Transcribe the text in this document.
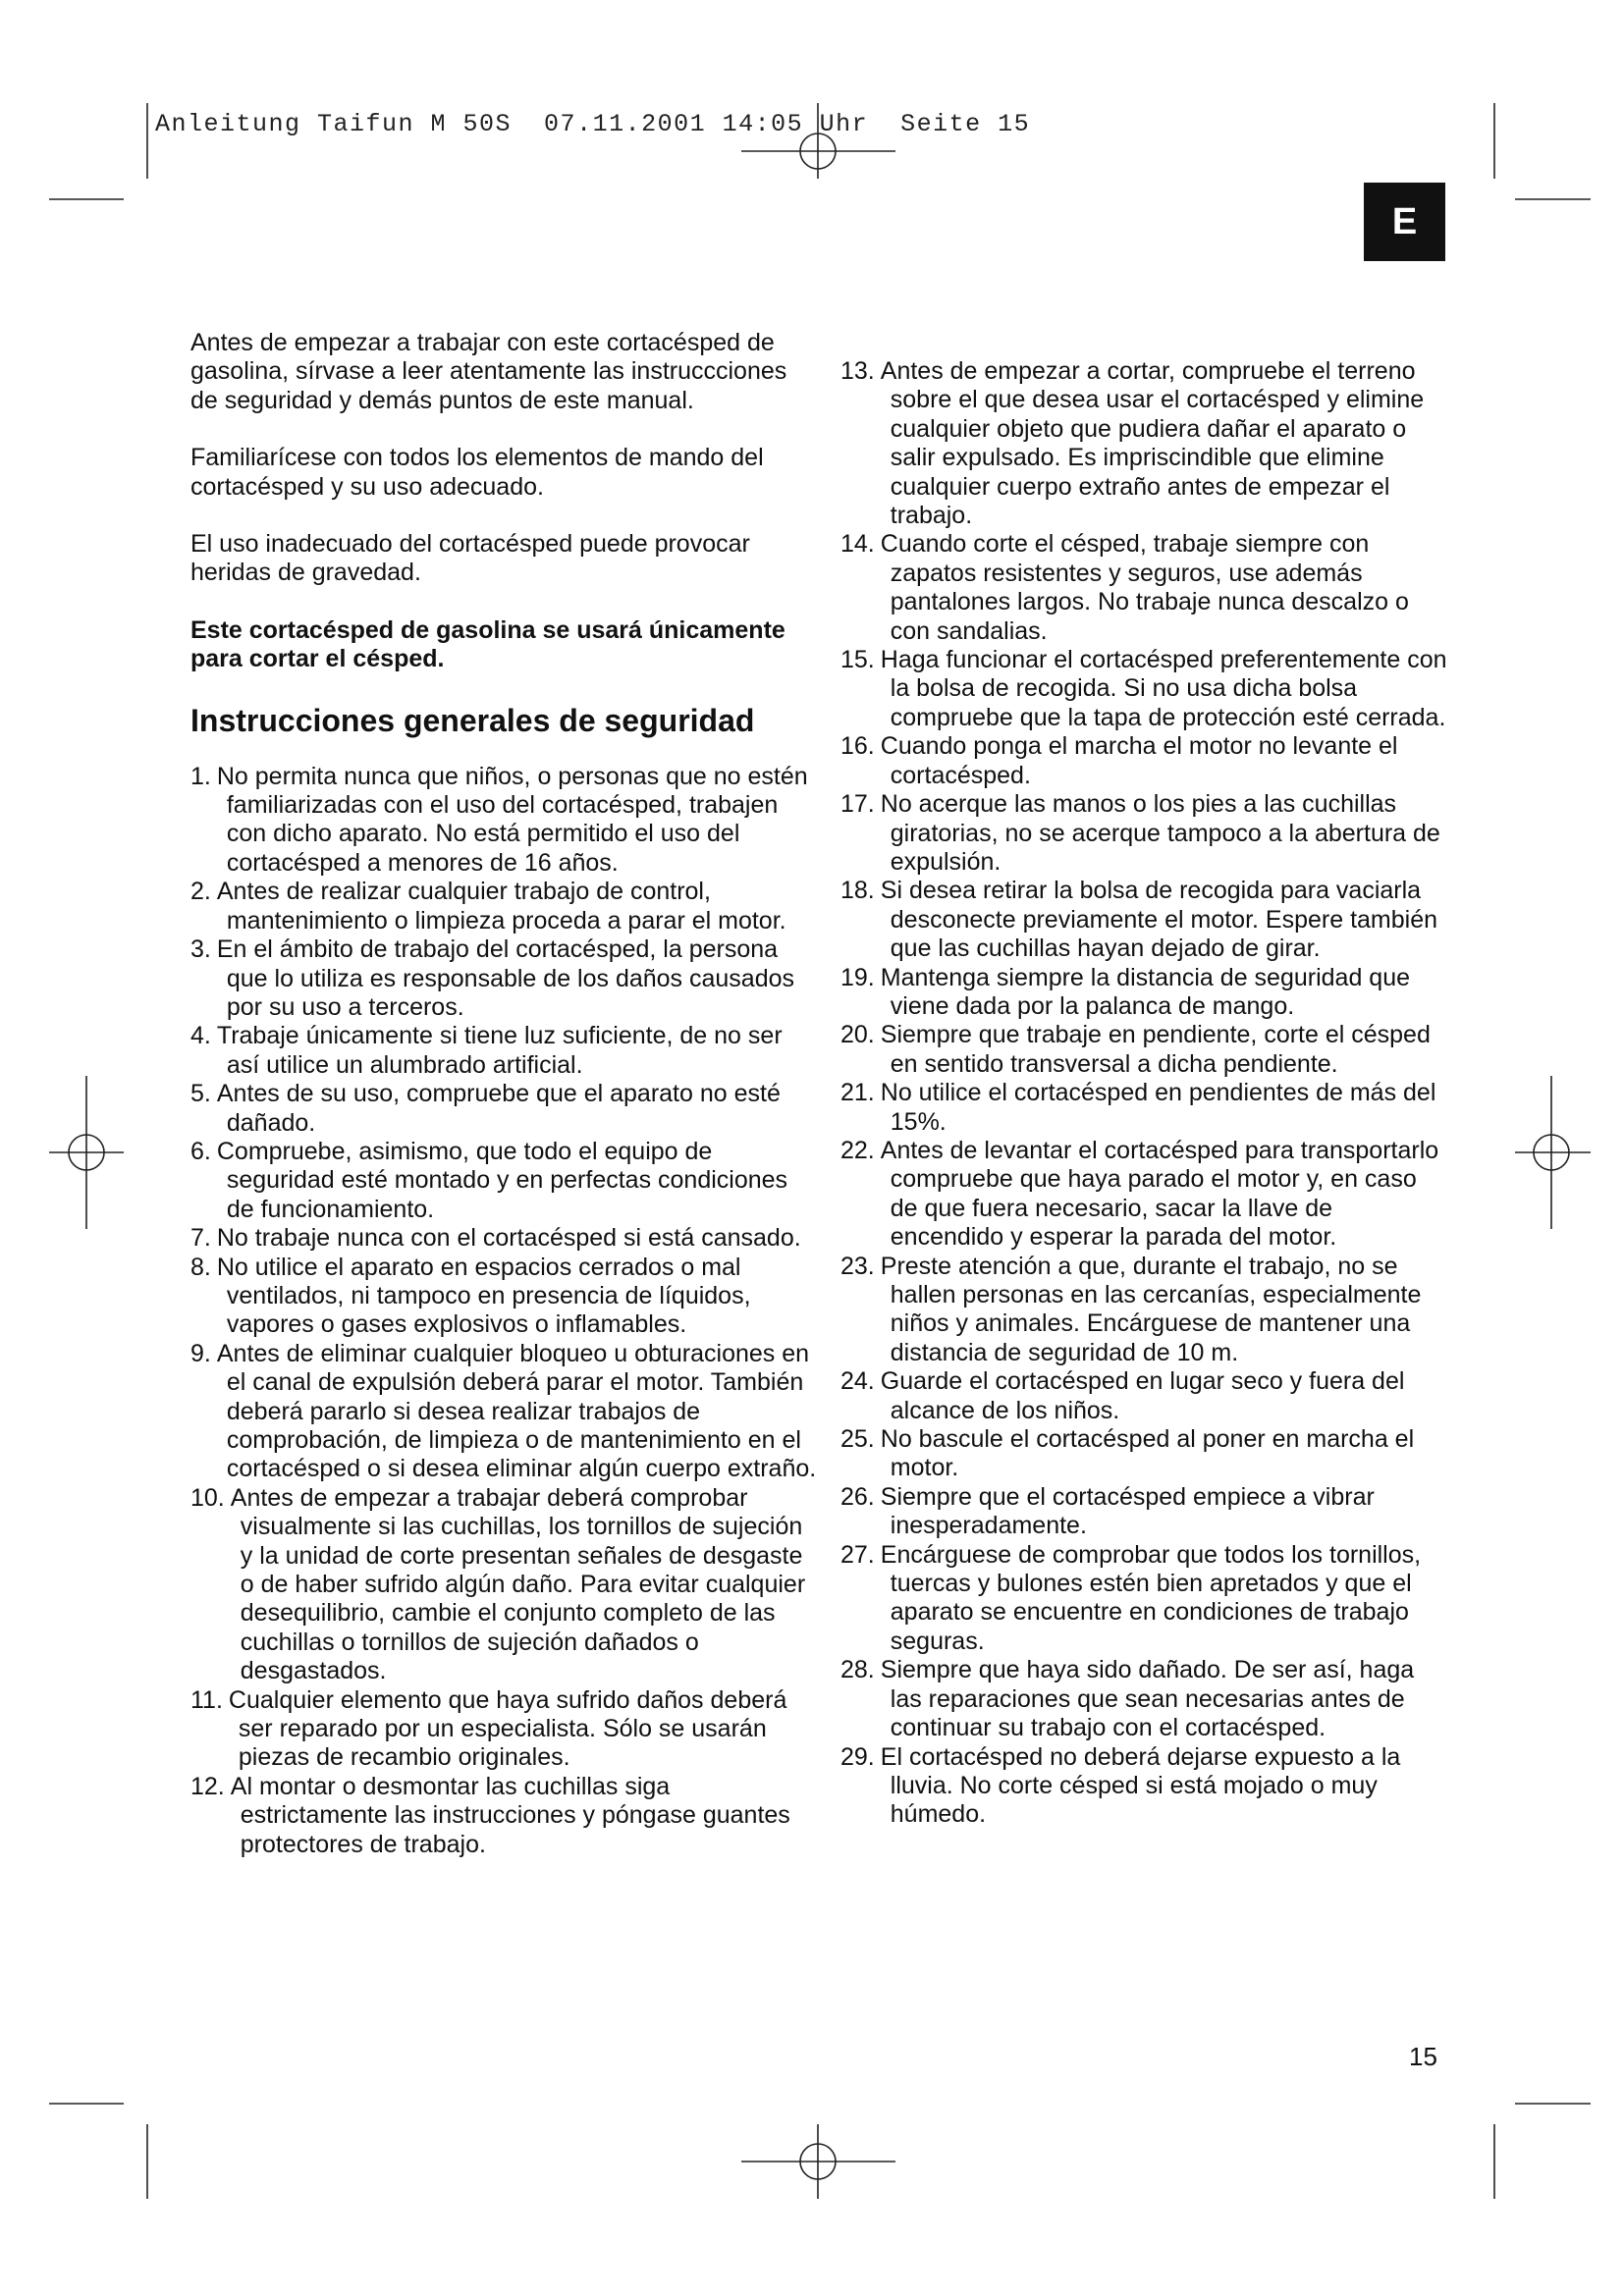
Anleitung Taifun M 50S  07.11.2001 14:05 Uhr  Seite 15
E

Antes de empezar a trabajar con este cortacésped de gasolina, sírvase a leer atentamente las instruccciones de seguridad y demás puntos de este manual.

Familiarícese con todos los elementos de mando del cortacésped y su uso adecuado.

El uso inadecuado del cortacésped puede provocar heridas de gravedad.

Este cortacésped de gasolina se usará únicamente para cortar el césped.

Instrucciones generales de seguridad
1. No permita nunca que niños, o personas que no estén familiarizadas con el uso del cortacésped, trabajen con dicho aparato. No está permitido el uso del cortacésped a menores de 16 años.
2. Antes de realizar cualquier trabajo de control, mantenimiento o limpieza proceda a parar el motor.
3. En el ámbito de trabajo del cortacésped, la persona que lo utiliza es responsable de los daños causados por su uso a terceros.
4. Trabaje únicamente si tiene luz suficiente, de no ser así utilice un alumbrado artificial.
5. Antes de su uso, compruebe que el aparato no esté dañado.
6. Compruebe, asimismo, que todo el equipo de seguridad esté montado y en perfectas condiciones de funcionamiento.
7. No trabaje nunca con el cortacésped si está cansado.
8. No utilice el aparato en espacios cerrados o mal ventilados, ni tampoco en presencia de líquidos, vapores o gases explosivos o inflamables.
9. Antes de eliminar cualquier bloqueo u obturaciones en el canal de expulsión deberá parar el motor. También deberá pararlo si desea realizar trabajos de comprobación, de limpieza o de mantenimiento en el cortacésped o si desea eliminar algún cuerpo extraño.
10. Antes de empezar a trabajar deberá comprobar visualmente si las cuchillas, los tornillos de sujeción y la unidad de corte presentan señales de desgaste o de haber sufrido algún daño. Para evitar cualquier desequilibrio, cambie el conjunto completo de las cuchillas o tornillos de sujeción dañados o desgastados.
11. Cualquier elemento que haya sufrido daños deberá ser reparado por un especialista. Sólo se usarán piezas de recambio originales.
12. Al montar o desmontar las cuchillas siga estrictamente las instrucciones y póngase guantes protectores de trabajo.
13. Antes de empezar a cortar, compruebe el terreno sobre el que desea usar el cortacésped y elimine cualquier objeto que pudiera dañar el aparato o salir expulsado. Es impriscindible que elimine cualquier cuerpo extraño antes de empezar el trabajo.
14. Cuando corte el césped, trabaje siempre con zapatos resistentes y seguros, use además pantalones largos. No trabaje nunca descalzo o con sandalias.
15. Haga funcionar el cortacésped preferentemente con la bolsa de recogida. Si no usa dicha bolsa compruebe que la tapa de protección esté cerrada.
16. Cuando ponga el marcha el motor no levante el cortacésped.
17. No acerque las manos o los pies a las cuchillas giratorias, no se acerque tampoco a la abertura de expulsión.
18. Si desea retirar la bolsa de recogida para vaciarla desconecte previamente el motor. Espere también que las cuchillas hayan dejado de girar.
19. Mantenga siempre la distancia de seguridad que viene dada por la palanca de mango.
20. Siempre que trabaje en pendiente, corte el césped en sentido transversal a dicha pendiente.
21. No utilice el cortacésped en pendientes de más del 15%.
22. Antes de levantar el cortacésped para transportarlo compruebe que haya parado el motor y, en caso de que fuera necesario, sacar la llave de encendido y esperar la parada del motor.
23. Preste atención a que, durante el trabajo, no se hallen personas en las cercanías, especialmente niños y animales. Encárguese de mantener una distancia de seguridad de 10 m.
24. Guarde el cortacésped en lugar seco y fuera del alcance de los niños.
25. No bascule el cortacésped al poner en marcha el motor.
26. Siempre que el cortacésped empiece a vibrar inesperadamente.
27. Encárguese de comprobar que todos los tornillos, tuercas y bulones estén bien apretados y que el aparato se encuentre en condiciones de trabajo seguras.
28. Siempre que haya sido dañado. De ser así, haga las reparaciones que sean necesarias antes de continuar su trabajo con el cortacésped.
29. El cortacésped no deberá dejarse expuesto a la lluvia. No corte césped si está mojado o muy húmedo.
15
